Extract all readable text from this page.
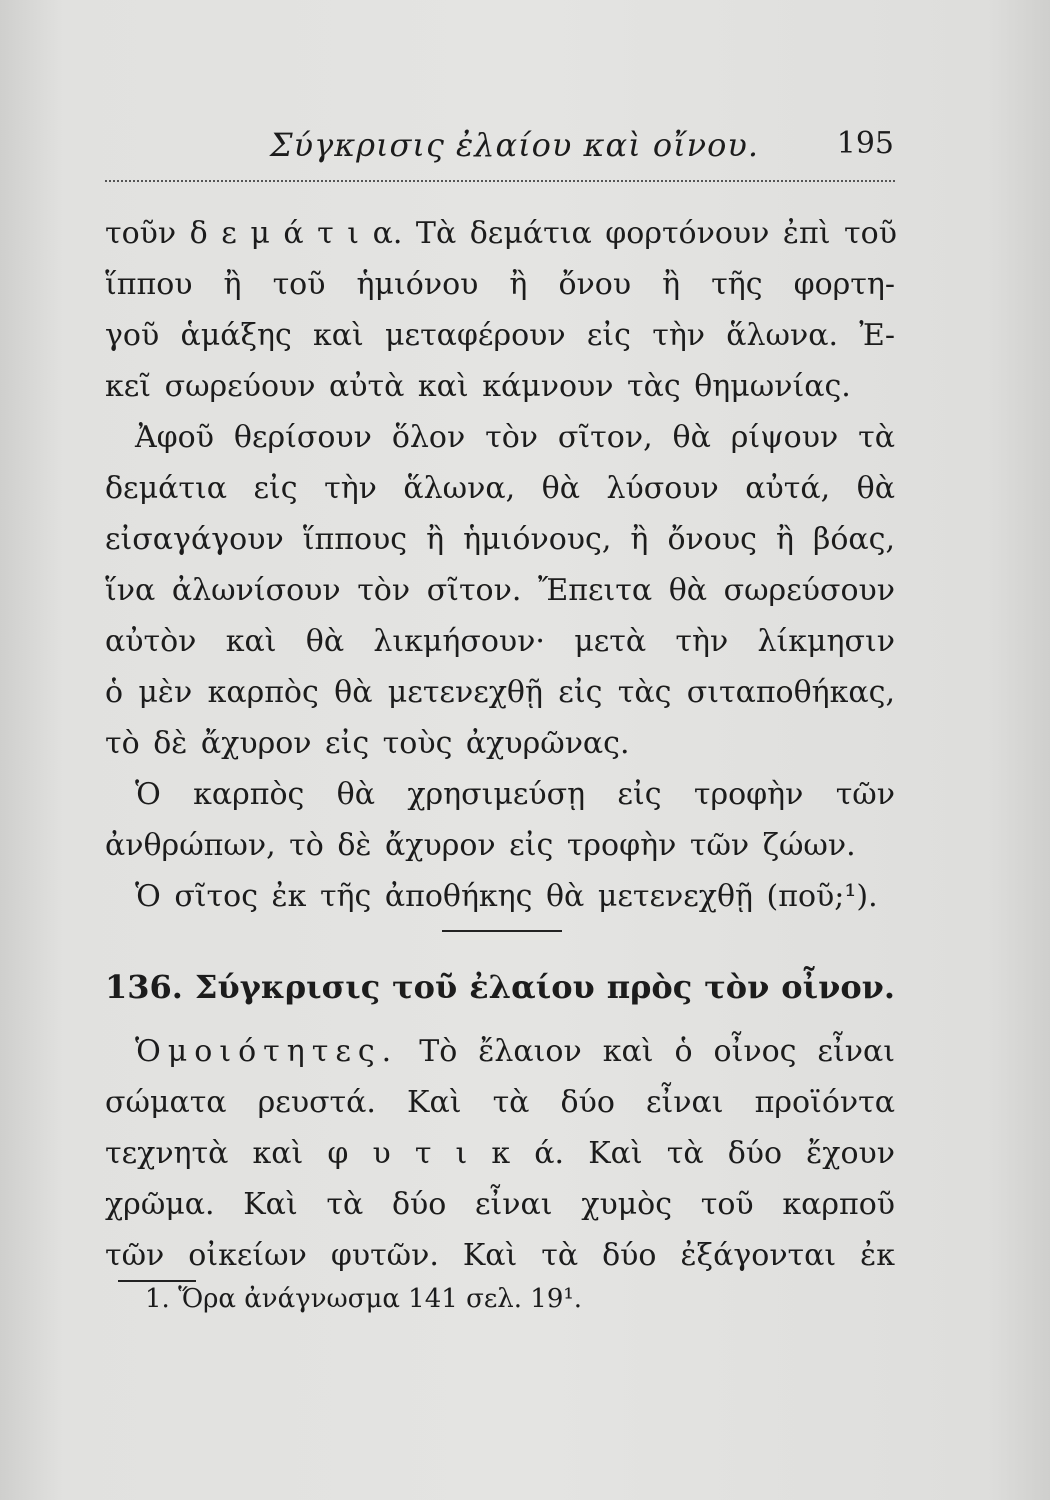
Σύγκρισις ἐλαίου καὶ οἴνου.	195
τοῦν δ ε μ ά τ ι α. Τὰ δεμάτια φορτόνουν ἐπὶ τοῦ
ἵππου ἢ τοῦ ἡμιόνου ἢ ὄνου ἢ τῆς φορτη-
γοῦ ἁμάξης καὶ μεταφέρουν εἰς τὴν ἅλωνα. Ἐ-
κεῖ σωρεύουν αὐτὰ καὶ κάμνουν τὰς θημωνίας.
Ἀφοῦ θερίσουν ὅλον τὸν σῖτον, θὰ ρίψουν τὰ
δεμάτια εἰς τὴν ἅλωνα, θὰ λύσουν αὐτά, θὰ
εἰσαγάγουν ἵππους ἢ ἡμιόνους, ἢ ὄνους ἢ βόας,
ἵνα ἀλωνίσουν τὸν σῖτον. Ἔπειτα θὰ σωρεύσουν
αὐτὸν καὶ θὰ λικμήσουν· μετὰ τὴν λίκμησιν
ὁ μὲν καρπὸς θὰ μετενεχθῇ εἰς τὰς σιταποθήκας,
τὸ δὲ ἄχυρον εἰς τοὺς ἀχυρῶνας.
Ὁ καρπὸς θὰ χρησιμεύσῃ εἰς τροφὴν τῶν
ἀνθρώπων, τὸ δὲ ἄχυρον εἰς τροφὴν τῶν ζώων.
Ὁ σῖτος ἐκ τῆς ἀποθήκης θὰ μετενεχθῇ (ποῦ;¹).
136. Σύγκρισις τοῦ ἐλαίου πρὸς τὸν οἶνον.
Ὁμοιότητες. Τὸ ἔλαιον καὶ ὁ οἶνος εἶναι
σώματα ρευστά. Καὶ τὰ δύο εἶναι προϊόντα
τεχνητὰ καὶ φ υ τ ι κ ά. Καὶ τὰ δύο ἔχουν
χρῶμα. Καὶ τὰ δύο εἶναι χυμὸς τοῦ καρποῦ
τῶν οἰκείων φυτῶν. Καὶ τὰ δύο ἐξάγονται ἐκ
1. Ὅρα ἀνάγνωσμα 141 σελ. 19¹.
